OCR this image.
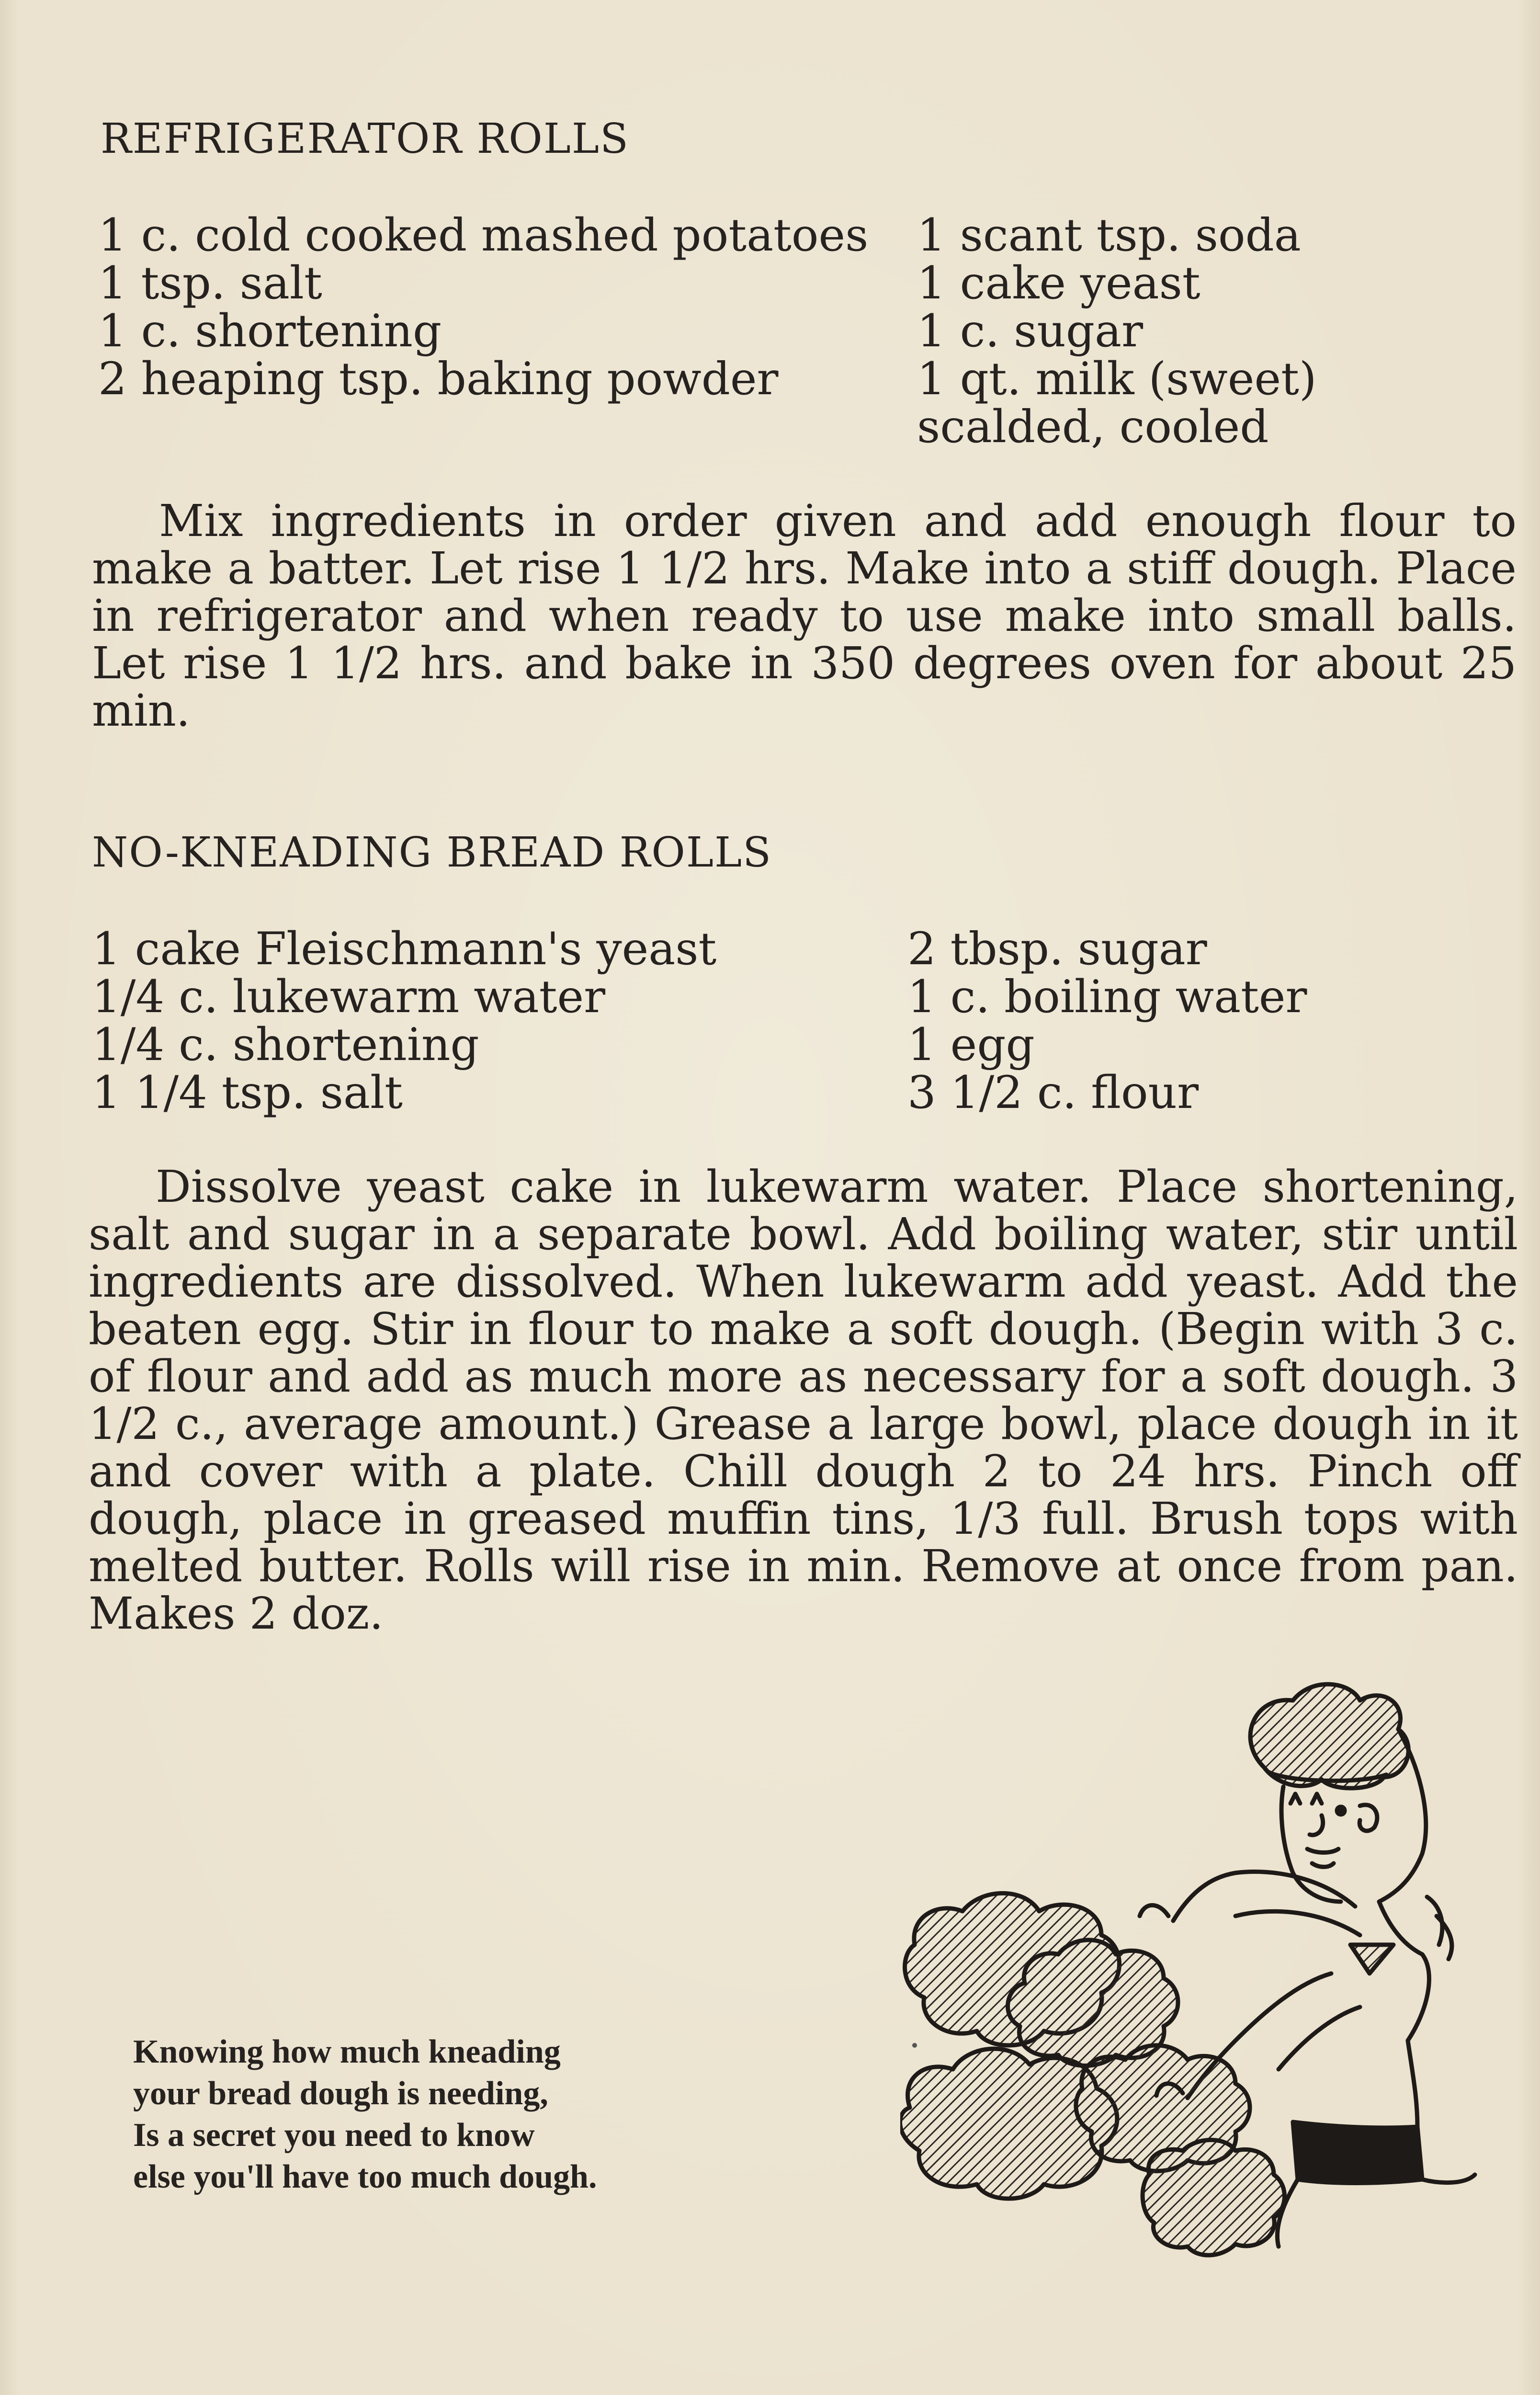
REFRIGERATOR ROLLS
1 c. cold cooked mashed potatoes
1 tsp. salt
1 c. shortening
2 heaping tsp. baking powder
1 scant tsp. soda
1 cake yeast
1 c. sugar
1 qt. milk (sweet)
scalded, cooled

Mix ingredients in order given and add enough flour to make a batter. Let rise 1 1/2 hrs. Make into a stiff dough. Place in refrigerator and when ready to use make into small balls. Let rise 1 1/2 hrs. and bake in 350 degrees oven for about 25 min.

NO-KNEADING BREAD ROLLS
1 cake Fleischmann's yeast
1/4 c. lukewarm water
1/4 c. shortening
1 1/4 tsp. salt
2 tbsp. sugar
1 c. boiling water
1 egg
3 1/2 c. flour

Dissolve yeast cake in lukewarm water. Place shortening, salt and sugar in a separate bowl. Add boiling water, stir until ingredients are dissolved. When lukewarm add yeast. Add the beaten egg. Stir in flour to make a soft dough. (Begin with 3 c. of flour and add as much more as necessary for a soft dough. 3 1/2 c., average amount.) Grease a large bowl, place dough in it and cover with a plate. Chill dough 2 to 24 hrs. Pinch off dough, place in greased muffin tins, 1/3 full. Brush tops with melted butter. Rolls will rise in min. Remove at once from pan. Makes 2 doz.

Knowing how much kneading
your bread dough is needing,
Is a secret you need to know
else you'll have too much dough.
